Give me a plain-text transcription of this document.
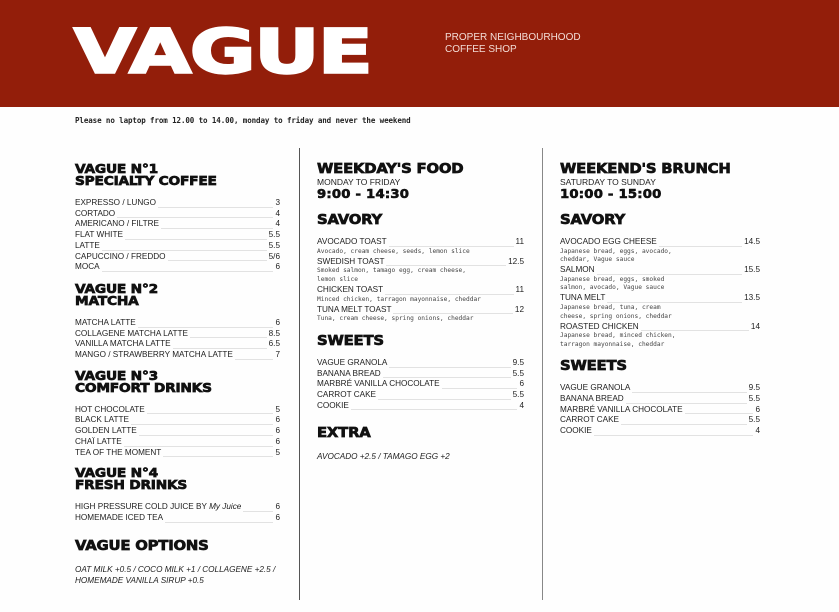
VAGUE	PROPER NEIGHBOURHOOD
COFFEE SHOP
Please no laptop from 12.00 to 14.00, monday to friday and never the weekend
VAGUE N°1
SPECIALTY COFFEE
EXPRESSO / LUNGO	3
CORTADO	4
AMERICANO / FILTRE	4
FLAT WHITE	5.5
LATTE	5.5
CAPUCCINO / FREDDO	5/6
MOCA	6
VAGUE N°2
MATCHA
MATCHA LATTE	6
COLLAGENE MATCHA LATTE	8.5
VANILLA MATCHA LATTE	6.5
MANGO / STRAWBERRY MATCHA LATTE	7
VAGUE N°3
COMFORT DRINKS
HOT CHOCOLATE	5
BLACK LATTE	6
GOLDEN LATTE	6
CHAÏ LATTE	6
TEA OF THE MOMENT	5
VAGUE N°4
FRESH DRINKS
HIGH PRESSURE COLD JUICE BY My Juice	6
HOMEMADE ICED TEA	6
VAGUE OPTIONS
OAT MILK +0.5 / COCO MILK +1 / COLLAGENE +2.5 / HOMEMADE VANILLA SIRUP +0.5
WEEKDAY'S FOOD
MONDAY TO FRIDAY
9:00 - 14:30
SAVORY
AVOCADO TOAST	11
Avocado, cream cheese, seeds, lemon slice
SWEDISH TOAST	12.5
Smoked salmon, tamago egg, cream cheese, lemon slice
CHICKEN TOAST	11
Minced chicken, tarragon mayonnaise, cheddar
TUNA MELT TOAST	12
Tuna, cream cheese, spring onions, cheddar
SWEETS
VAGUE GRANOLA	9.5
BANANA BREAD	5.5
MARBRÉ VANILLA CHOCOLATE	6
CARROT CAKE	5.5
COOKIE	4
EXTRA
AVOCADO +2.5 / TAMAGO EGG +2
WEEKEND'S BRUNCH
SATURDAY TO SUNDAY
10:00 - 15:00
SAVORY
AVOCADO EGG CHEESE	14.5
Japanese bread, eggs, avocado, cheddar, Vague sauce
SALMON	15.5
Japanese bread, eggs, smoked salmon, avocado, Vague sauce
TUNA MELT	13.5
Japanese bread, tuna, cream cheese, spring onions, cheddar
ROASTED CHICKEN	14
Japanese bread, minced chicken, tarragon mayonnaise, cheddar
SWEETS
VAGUE GRANOLA	9.5
BANANA BREAD	5.5
MARBRÉ VANILLA CHOCOLATE	6
CARROT CAKE	5.5
COOKIE	4
